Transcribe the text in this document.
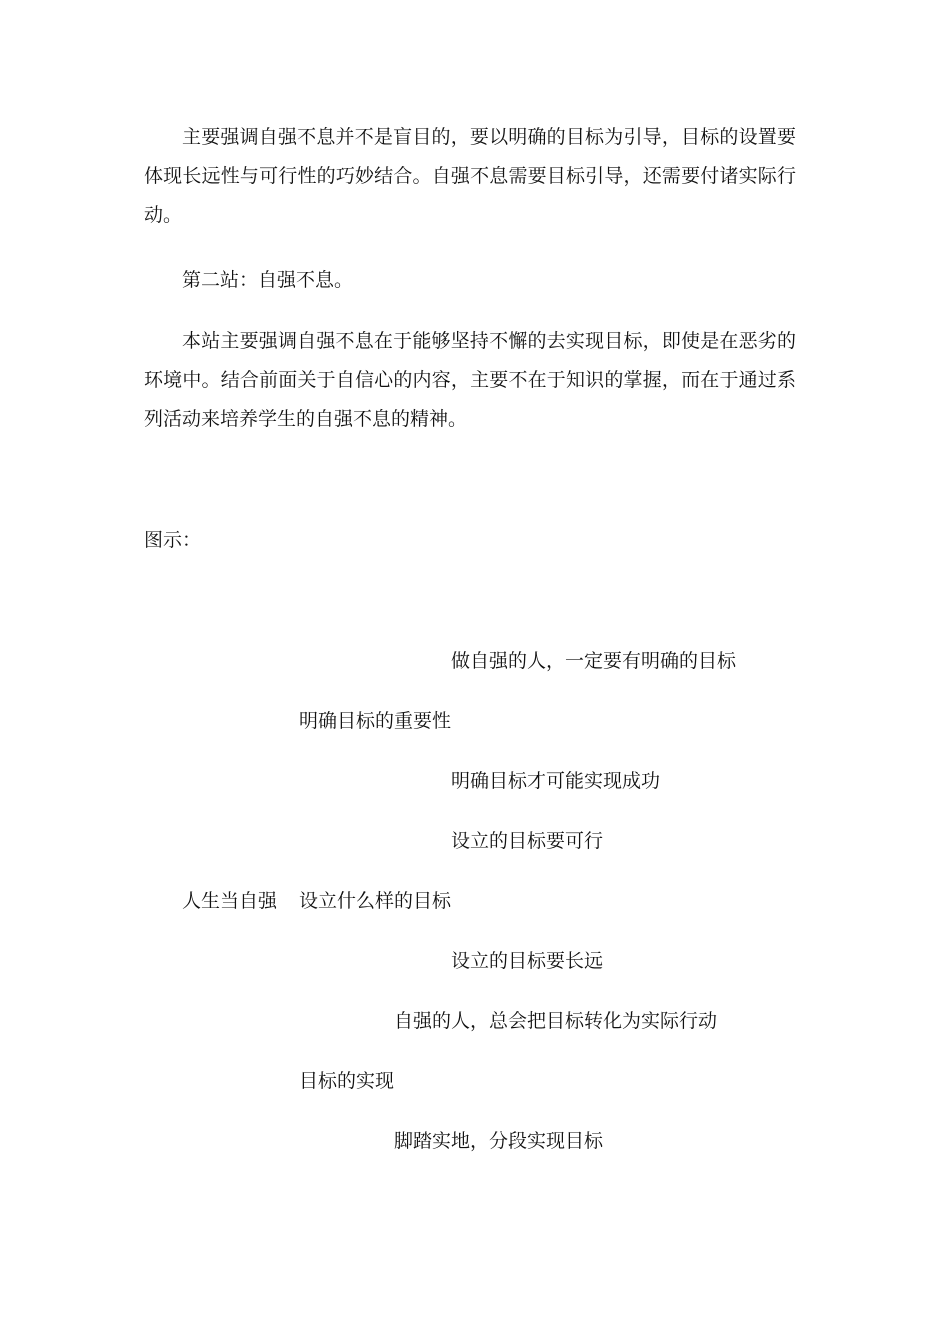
主要强调自强不息并不是盲目的，要以明确的目标为引导，目标的设置要体现长远性与可行性的巧妙结合。自强不息需要目标引导，还需要付诸实际行动。

第二站：自强不息。

本站主要强调自强不息在于能够坚持不懈的去实现目标，即使是在恶劣的环境中。结合前面关于自信心的内容，主要不在于知识的掌握，而在于通过系列活动来培养学生的自强不息的精神。

图示：

做自强的人，一定要有明确的目标
明确目标的重要性
明确目标才可能实现成功
设立的目标要可行
人生当自强 设立什么样的目标
设立的目标要长远
自强的人，总会把目标转化为实际行动
目标的实现
脚踏实地，分段实现目标
